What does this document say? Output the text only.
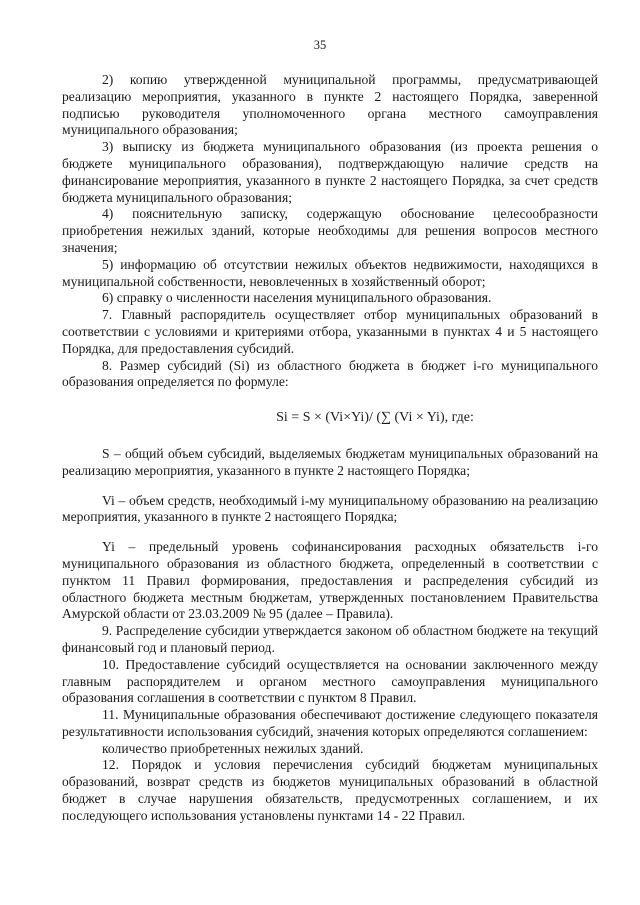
35

2) копию утвержденной муниципальной программы, предусматривающей реализацию мероприятия, указанного в пункте 2 настоящего Порядка, заверенной подписью руководителя уполномоченного органа местного самоуправления муниципального образования;

3) выписку из бюджета муниципального образования (из проекта решения о бюджете муниципального образования), подтверждающую наличие средств на финансирование мероприятия, указанного в пункте 2 настоящего Порядка, за счет средств бюджета муниципального образования;

4) пояснительную записку, содержащую обоснование целесообразности приобретения нежилых зданий, которые необходимы для решения вопросов местного значения;

5) информацию об отсутствии нежилых объектов недвижимости, находящихся в муниципальной собственности, невовлеченных в хозяйственный оборот;

6) справку о численности населения муниципального образования.

7. Главный распорядитель осуществляет отбор муниципальных образований в соответствии с условиями и критериями отбора, указанными в пунктах 4 и 5 настоящего Порядка, для предоставления субсидий.

8. Размер субсидий (Si) из областного бюджета в бюджет i-го муниципального образования определяется по формуле:

Si = S × (Vi×Yi)/ (∑ (Vi × Yi), где:

S – общий объем субсидий, выделяемых бюджетам муниципальных образований на реализацию мероприятия, указанного в пункте 2 настоящего Порядка;

Vi – объем средств, необходимый i-му муниципальному образованию на реализацию мероприятия, указанного в пункте 2 настоящего Порядка;

Yi – предельный уровень софинансирования расходных обязательств i-го муниципального образования из областного бюджета, определенный в соответствии с пунктом 11 Правил формирования, предоставления и распределения субсидий из областного бюджета местным бюджетам, утвержденных постановлением Правительства Амурской области от 23.03.2009 № 95 (далее – Правила).

9. Распределение субсидии утверждается законом об областном бюджете на текущий финансовый год и плановый период.

10. Предоставление субсидий осуществляется на основании заключенного между главным распорядителем и органом местного самоуправления муниципального образования соглашения в соответствии с пунктом 8 Правил.

11. Муниципальные образования обеспечивают достижение следующего показателя результативности использования субсидий, значения которых определяются соглашением:

количество приобретенных нежилых зданий.

12. Порядок и условия перечисления субсидий бюджетам муниципальных образований, возврат средств из бюджетов муниципальных образований в областной бюджет в случае нарушения обязательств, предусмотренных соглашением, и их последующего использования установлены пунктами 14 - 22 Правил.
